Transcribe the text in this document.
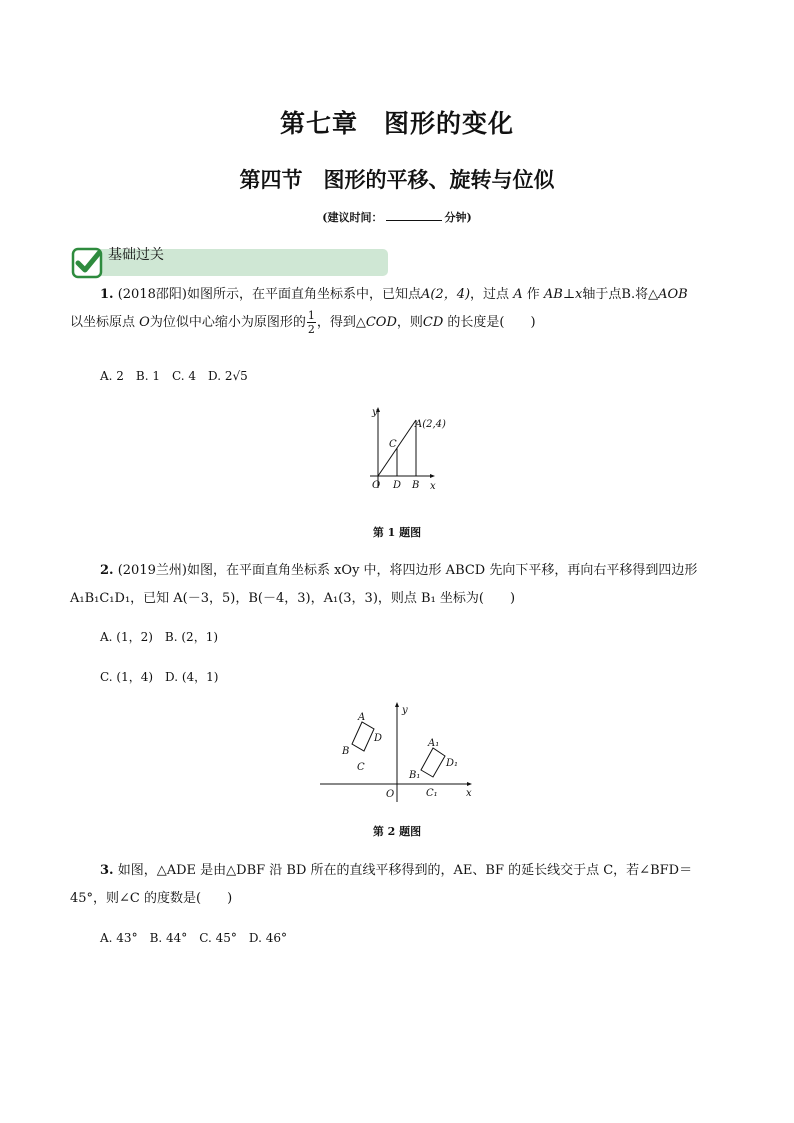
第七章　图形的变化
第四节　图形的平移、旋转与位似
(建议时间：	分钟)
基础过关
1. (2018邵阳)如图所示，在平面直角坐标系中，已知点A(2，4)，过点 A 作 AB⊥x轴于点B.将△AOB
以坐标原点 O为位似中心缩小为原图形的 $\frac{1}{2}$ ，得到△COD，则CD 的长度是(　　)
A. 2　B. 1　C. 4　D. 2√5
y
x
O D B
C
A(2,4)
第 1 题图
2. (2019兰州)如图，在平面直角坐标系 xOy 中，将四边形 ABCD 先向下平移，再向右平移得到四边形
A₁B₁C₁D₁，已知 A(－3，5)，B(－4，3)，A₁(3，3)，则点 B₁ 坐标为(　　)
A. (1，2)　B. (2，1)
C. (1，4)　D. (4，1)
y
x
O
A
B
C
D	A₁
B₁
C₁
D₁
第 2 题图
3. 如图，△ADE 是由△DBF 沿 BD 所在的直线平移得到的，AE、BF 的延长线交于点 C，若∠BFD＝
45°，则∠C 的度数是(　　)
A. 43°　B. 44°　C. 45°　D. 46°
